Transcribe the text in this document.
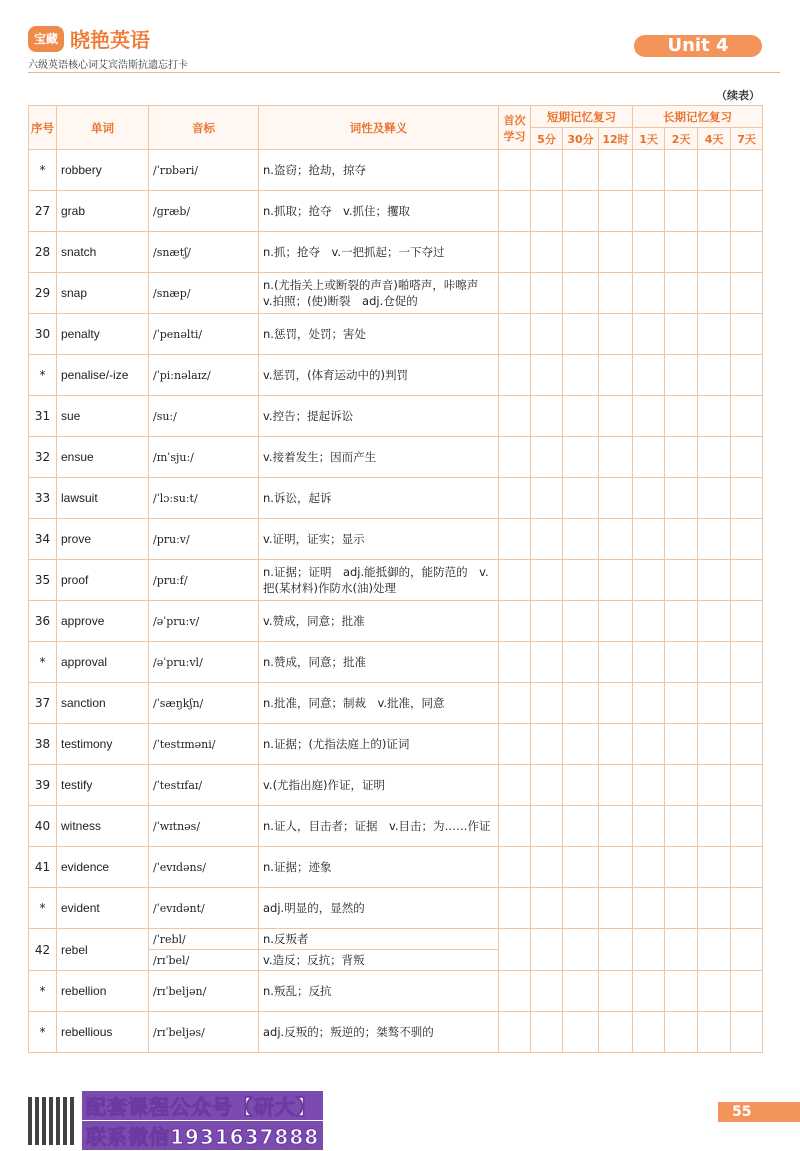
宝藏 晓艳英语
六级英语核心词艾宾浩斯抗遗忘打卡
Unit 4
（续表）
序号	单词	音标	词性及释义	首次学习	短期记忆复习			长期记忆复习			
					5分	30分	12时	1天	2天	4天	7天
*	robbery	/ˈrɒbəri/	n.盗窃；抢劫，掠夺								
27	grab	/ɡræb/	n.抓取；抢夺　v.抓住；攫取								
28	snatch	/snætʃ/	n.抓；抢夺　v.一把抓起；一下夺过								
29	snap	/snæp/	n.(尤指关上或断裂的声音)啪嗒声，咔嚓声　v.拍照；(使)断裂　adj.仓促的								
30	penalty	/ˈpenəlti/	n.惩罚，处罚；害处								
*	penalise/-ize	/ˈpiːnəlaɪz/	v.惩罚，(体育运动中的)判罚								
31	sue	/suː/	v.控告；提起诉讼								
32	ensue	/ɪnˈsjuː/	v.接着发生；因而产生								
33	lawsuit	/ˈlɔːsuːt/	n.诉讼，起诉								
34	prove	/pruːv/	v.证明，证实；显示								
35	proof	/pruːf/	n.证据；证明　adj.能抵御的，能防范的　v.把(某材料)作防水(油)处理								
36	approve	/əˈpruːv/	v.赞成，同意；批准								
*	approval	/əˈpruːvl/	n.赞成，同意；批准								
37	sanction	/ˈsæŋkʃn/	n.批准，同意；制裁　v.批准，同意								
38	testimony	/ˈtestɪməni/	n.证据；(尤指法庭上的)证词								
39	testify	/ˈtestɪfaɪ/	v.(尤指出庭)作证，证明								
40	witness	/ˈwɪtnəs/	n.证人，目击者；证据　v.目击；为……作证								
41	evidence	/ˈevɪdəns/	n.证据；迹象								
*	evident	/ˈevɪdənt/	adj.明显的，显然的								
42	rebel	/ˈrebl/	n.反叛者								
		/rɪˈbel/	v.造反；反抗；背叛								
*	rebellion	/rɪˈbeljən/	n.叛乱；反抗								
*	rebellious	/rɪˈbeljəs/	adj.反叛的；叛逆的；桀骜不驯的								
配套课程公众号【研大】
联系微信1931637888
55
